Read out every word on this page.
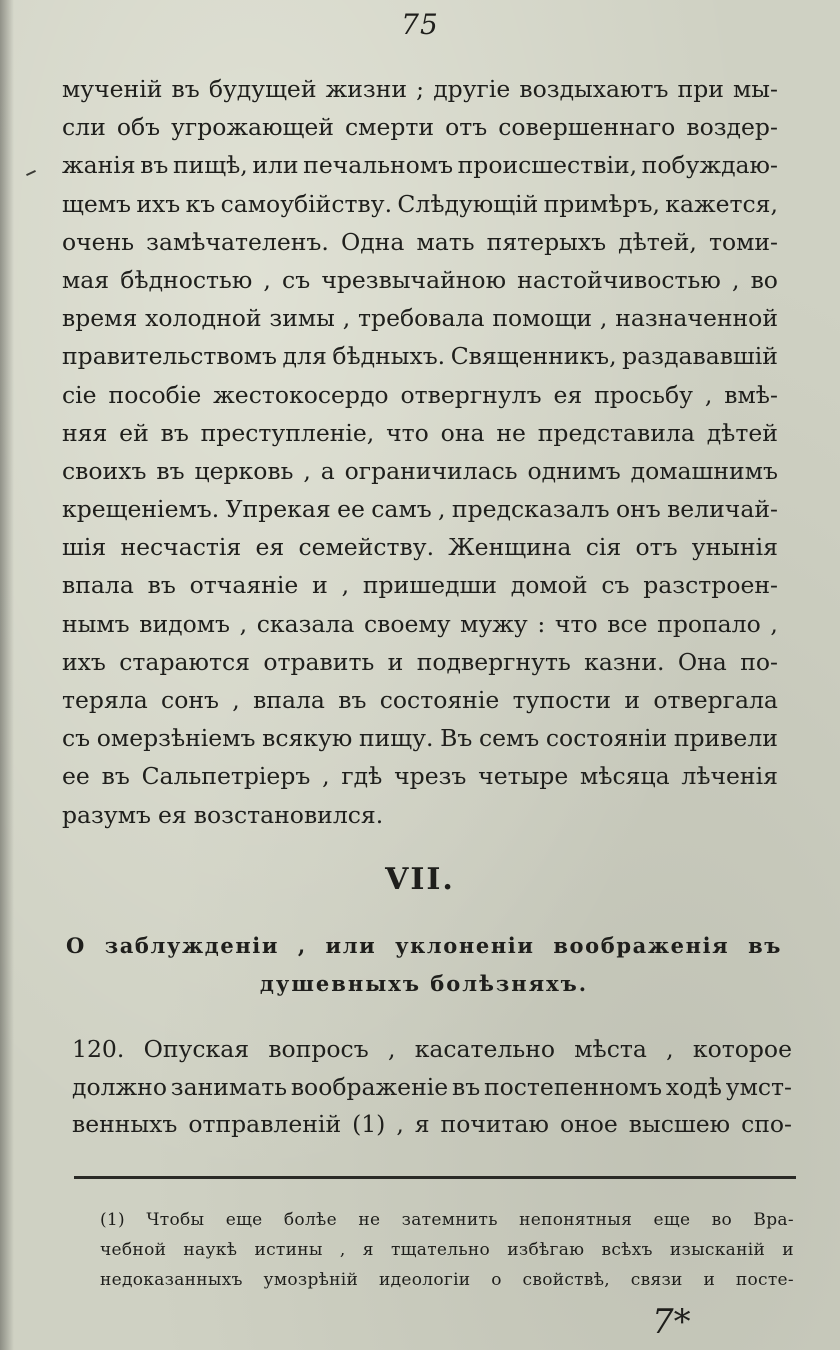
75
мученій въ будущей жизни ; другіе воздыхаютъ при мы-
сли объ угрожающей смерти отъ совершеннаго воздер-
жанія въ пищѣ, или печальномъ происшествіи, побуждаю-
щемъ ихъ къ самоубійству. Слѣдующій примѣръ, кажется,
очень замѣчателенъ. Одна мать пятерыхъ дѣтей, томи-
мая бѣдностью , съ чрезвычайною настойчивостью , во
время холодной зимы , требовала помощи , назначенной
правительствомъ для бѣдныхъ. Священникъ, раздававшій
сіе пособіе жестокосердо отвергнулъ ея просьбу , вмѣ-
няя ей въ преступленіе, что она не представила дѣтей
своихъ въ церковь , а ограничилась однимъ домашнимъ
крещеніемъ. Упрекая ее самъ , предсказалъ онъ величай-
шія несчастія ея семейству. Женщина сія отъ унынія
впала въ отчаяніе и , пришедши домой съ разстроен-
нымъ видомъ , сказала своему мужу : что все пропало ,
ихъ стараются отравить и подвергнуть казни. Она по-
теряла сонъ , впала въ состояніе тупости и отвергала
съ омерзѣніемъ всякую пищу. Въ семъ состояніи привели
ее въ Сальпетріеръ , гдѣ чрезъ четыре мѣсяца лѣченія
разумъ ея возстановился.
VII.
О заблужденіи , или уклоненіи воображенія въ
душевныхъ болѣзняхъ.
120. Опуская вопросъ , касательно мѣста , которое
должно занимать воображеніе въ постепенномъ ходѣ умст-
венныхъ отправленій (1) , я почитаю оное высшею спо-
(1) Чтобы еще болѣе не затемнить непонятныя еще во Вра-
чебной наукѣ истины , я тщательно избѣгаю всѣхъ изысканій и
недоказанныхъ умозрѣній идеологіи о свойствѣ, связи и посте-
7*
